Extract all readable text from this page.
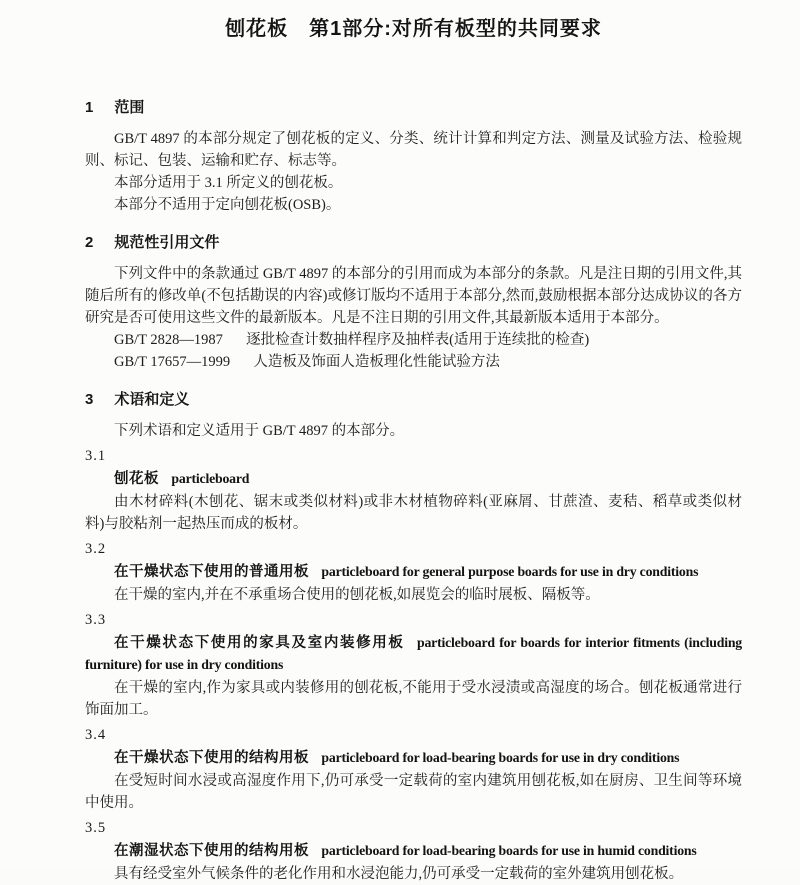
刨花板　第1部分:对所有板型的共同要求
1 范围

GB/T 4897 的本部分规定了刨花板的定义、分类、统计计算和判定方法、测量及试验方法、检验规则、标记、包装、运输和贮存、标志等。

本部分适用于 3.1 所定义的刨花板。

本部分不适用于定向刨花板(OSB)。

2 规范性引用文件

下列文件中的条款通过 GB/T 4897 的本部分的引用而成为本部分的条款。凡是注日期的引用文件,其随后所有的修改单(不包括勘误的内容)或修订版均不适用于本部分,然而,鼓励根据本部分达成协议的各方研究是否可使用这些文件的最新版本。凡是不注日期的引用文件,其最新版本适用于本部分。

GB/T 2828—1987 逐批检查计数抽样程序及抽样表(适用于连续批的检查)

GB/T 17657—1999 人造板及饰面人造板理化性能试验方法

3 术语和定义

下列术语和定义适用于 GB/T 4897 的本部分。

3.1

刨花板 particleboard

由木材碎料(木刨花、锯末或类似材料)或非木材植物碎料(亚麻屑、甘蔗渣、麦秸、稻草或类似材料)与胶粘剂一起热压而成的板材。

3.2

在干燥状态下使用的普通用板 particleboard for general purpose boards for use in dry conditions

在干燥的室内,并在不承重场合使用的刨花板,如展览会的临时展板、隔板等。

3.3

在干燥状态下使用的家具及室内装修用板 particleboard for boards for interior fitments (including furniture) for use in dry conditions

在干燥的室内,作为家具或内装修用的刨花板,不能用于受水浸渍或高湿度的场合。刨花板通常进行饰面加工。

3.4

在干燥状态下使用的结构用板 particleboard for load-bearing boards for use in dry conditions

在受短时间水浸或高湿度作用下,仍可承受一定载荷的室内建筑用刨花板,如在厨房、卫生间等环境中使用。

3.5

在潮湿状态下使用的结构用板 particleboard for load-bearing boards for use in humid conditions

具有经受室外气候条件的老化作用和水浸泡能力,仍可承受一定载荷的室外建筑用刨花板。
